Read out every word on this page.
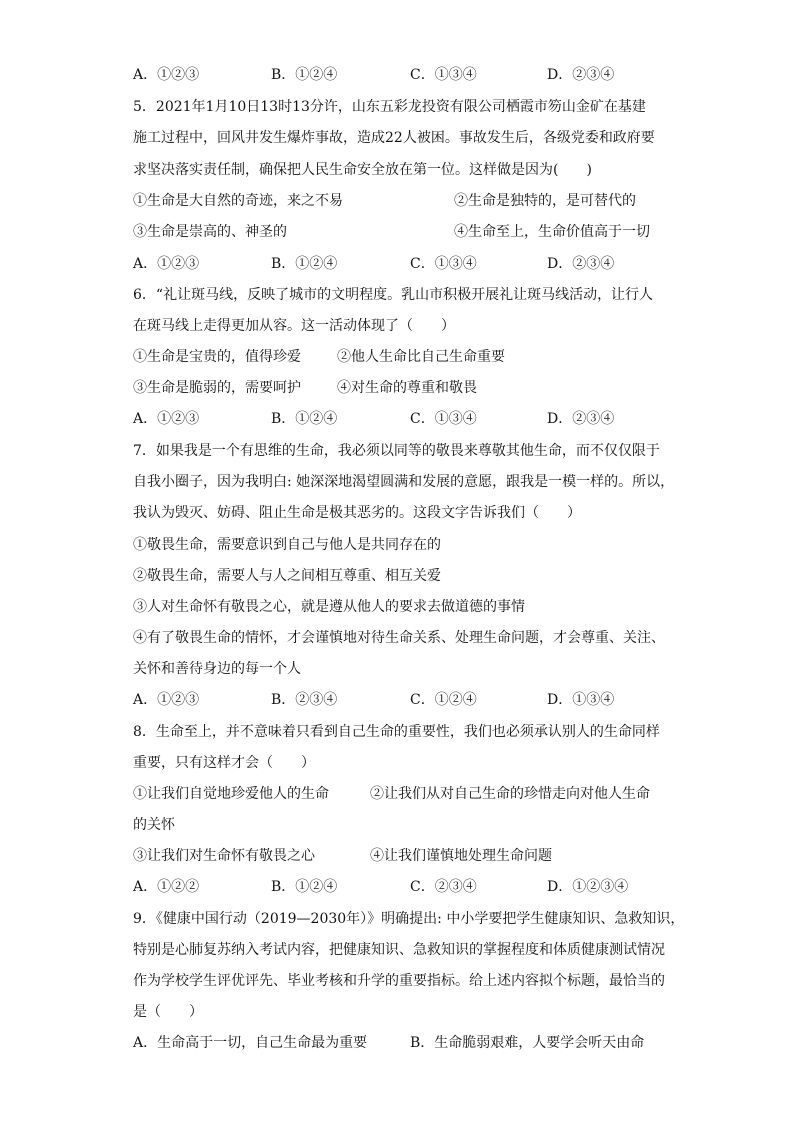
A．①②③	B．①②④	C．①③④	D．②③④
5．2021年1月10日13时13分许，山东五彩龙投资有限公司栖霞市笏山金矿在基建
施工过程中，回风井发生爆炸事故，造成22人被困。事故发生后，各级党委和政府要
求坚决落实责任制，确保把人民生命安全放在第一位。这样做是因为(　　)
①生命是大自然的奇迹，来之不易	②生命是独特的，是可替代的
③生命是崇高的、神圣的	④生命至上，生命价值高于一切
A．①②③	B．①②④	C．①③④	D．②③④
6．“礼让斑马线，反映了城市的文明程度。乳山市积极开展礼让斑马线活动，让行人
在斑马线上走得更加从容。这一活动体现了（　　）
①生命是宝贵的，值得珍爱	②他人生命比自己生命重要
③生命是脆弱的，需要呵护	④对生命的尊重和敬畏
A．①②③	B．①②④	C．①③④	D．②③④
7．如果我是一个有思维的生命，我必须以同等的敬畏来尊敬其他生命，而不仅仅限于
自我小圈子，因为我明白: 她深深地渴望圆满和发展的意愿，跟我是一模一样的。所以，
我认为毁灭、妨碍、阻止生命是极其恶劣的。这段文字告诉我们（　　）
①敬畏生命，需要意识到自己与他人是共同存在的
②敬畏生命，需要人与人之间相互尊重、相互关爱
③人对生命怀有敬畏之心，就是遵从他人的要求去做道德的事情
④有了敬畏生命的情怀，才会谨慎地对待生命关系、处理生命问题，才会尊重、关注、
关怀和善待身边的每一个人
A．①②③	B．②③④	C．①②④	D．①③④
8．生命至上，并不意味着只看到自己生命的重要性，我们也必须承认别人的生命同样
重要，只有这样才会（　　）
①让我们自觉地珍爱他人的生命	②让我们从对自己生命的珍惜走向对他人生命
的关怀
③让我们对生命怀有敬畏之心	④让我们谨慎地处理生命问题
A．①②②	B．①②④	C．②③④	D．①②③④
9．《健康中国行动（2019—2030年）》明确提出: 中小学要把学生健康知识、急救知识，
特别是心肺复苏纳入考试内容，把健康知识、急救知识的掌握程度和体质健康测试情况
作为学校学生评优评先、毕业考核和升学的重要指标。给上述内容拟个标题，最恰当的
是（　　）
A．生命高于一切，自己生命最为重要	B．生命脆弱艰难，人要学会听天由命
